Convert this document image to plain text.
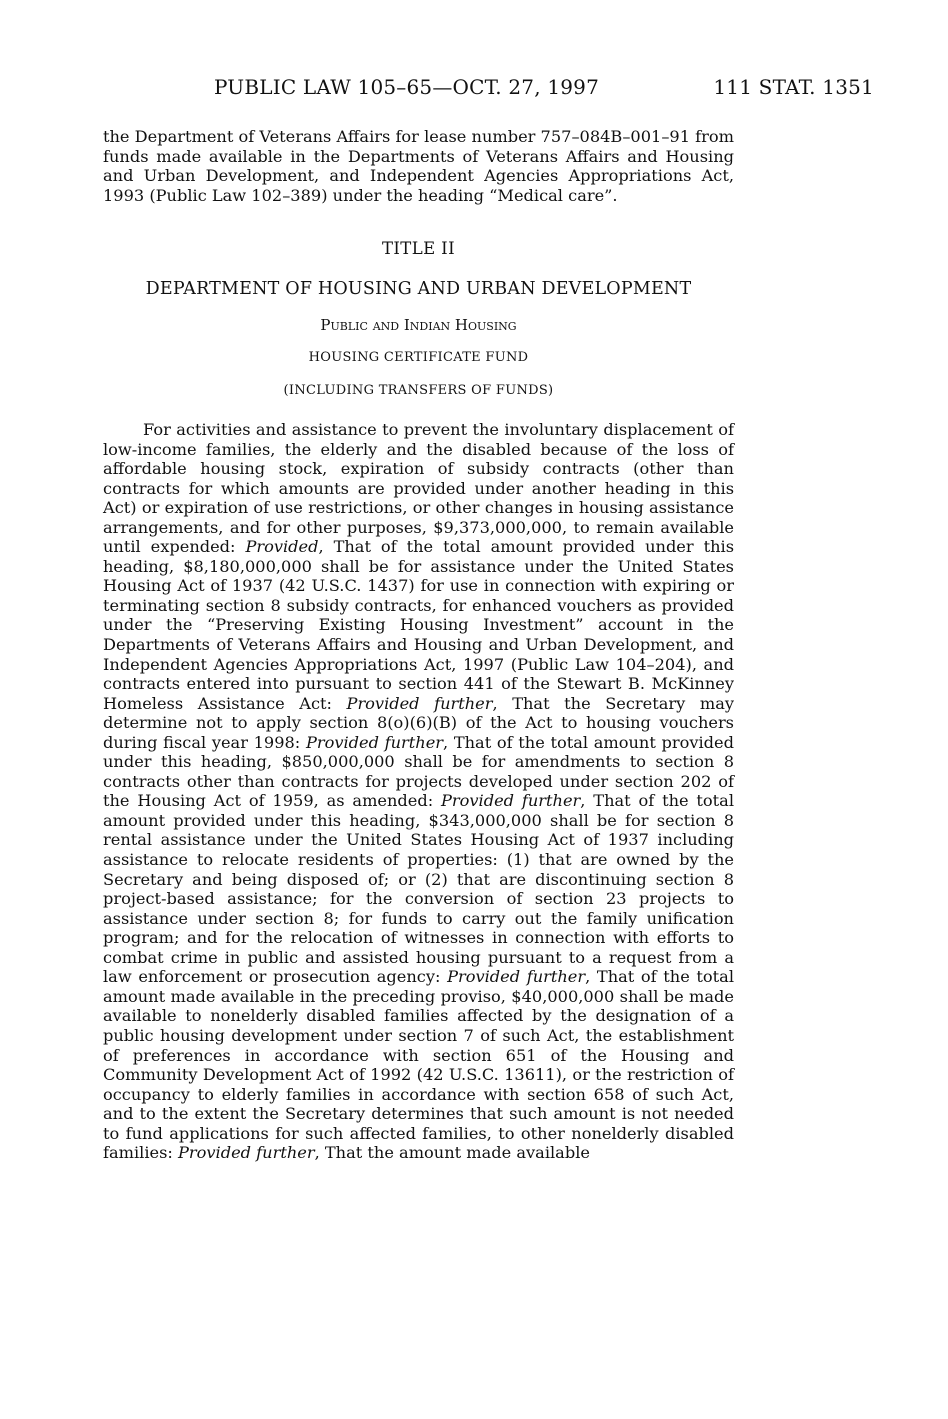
PUBLIC LAW 105–65—OCT. 27, 1997	111 STAT. 1351

the Department of Veterans Affairs for lease number 757–084B–001–91 from funds made available in the Departments of Veterans Affairs and Housing and Urban Development, and Independent Agencies Appropriations Act, 1993 (Public Law 102–389) under the heading “Medical care”.

TITLE II
DEPARTMENT OF HOUSING AND URBAN DEVELOPMENT
Public and Indian Housing
HOUSING CERTIFICATE FUND
(INCLUDING TRANSFERS OF FUNDS)

For activities and assistance to prevent the involuntary displacement of low-income families, the elderly and the disabled because of the loss of affordable housing stock, expiration of subsidy contracts (other than contracts for which amounts are provided under another heading in this Act) or expiration of use restrictions, or other changes in housing assistance arrangements, and for other purposes, $9,373,000,000, to remain available until expended: Provided, That of the total amount provided under this heading, $8,180,000,000 shall be for assistance under the United States Housing Act of 1937 (42 U.S.C. 1437) for use in connection with expiring or terminating section 8 subsidy contracts, for enhanced vouchers as provided under the “Preserving Existing Housing Investment” account in the Departments of Veterans Affairs and Housing and Urban Development, and Independent Agencies Appropriations Act, 1997 (Public Law 104–204), and contracts entered into pursuant to section 441 of the Stewart B. McKinney Homeless Assistance Act: Provided further, That the Secretary may determine not to apply section 8(o)(6)(B) of the Act to housing vouchers during fiscal year 1998: Provided further, That of the total amount provided under this heading, $850,000,000 shall be for amendments to section 8 contracts other than contracts for projects developed under section 202 of the Housing Act of 1959, as amended: Provided further, That of the total amount provided under this heading, $343,000,000 shall be for section 8 rental assistance under the United States Housing Act of 1937 including assistance to relocate residents of properties: (1) that are owned by the Secretary and being disposed of; or (2) that are discontinuing section 8 project-based assistance; for the conversion of section 23 projects to assistance under section 8; for funds to carry out the family unification program; and for the relocation of witnesses in connection with efforts to combat crime in public and assisted housing pursuant to a request from a law enforcement or prosecution agency: Provided further, That of the total amount made available in the preceding proviso, $40,000,000 shall be made available to nonelderly disabled families affected by the designation of a public housing development under section 7 of such Act, the establishment of preferences in accordance with section 651 of the Housing and Community Development Act of 1992 (42 U.S.C. 13611), or the restriction of occupancy to elderly families in accordance with section 658 of such Act, and to the extent the Secretary determines that such amount is not needed to fund applications for such affected families, to other nonelderly disabled families: Provided further, That the amount made available
